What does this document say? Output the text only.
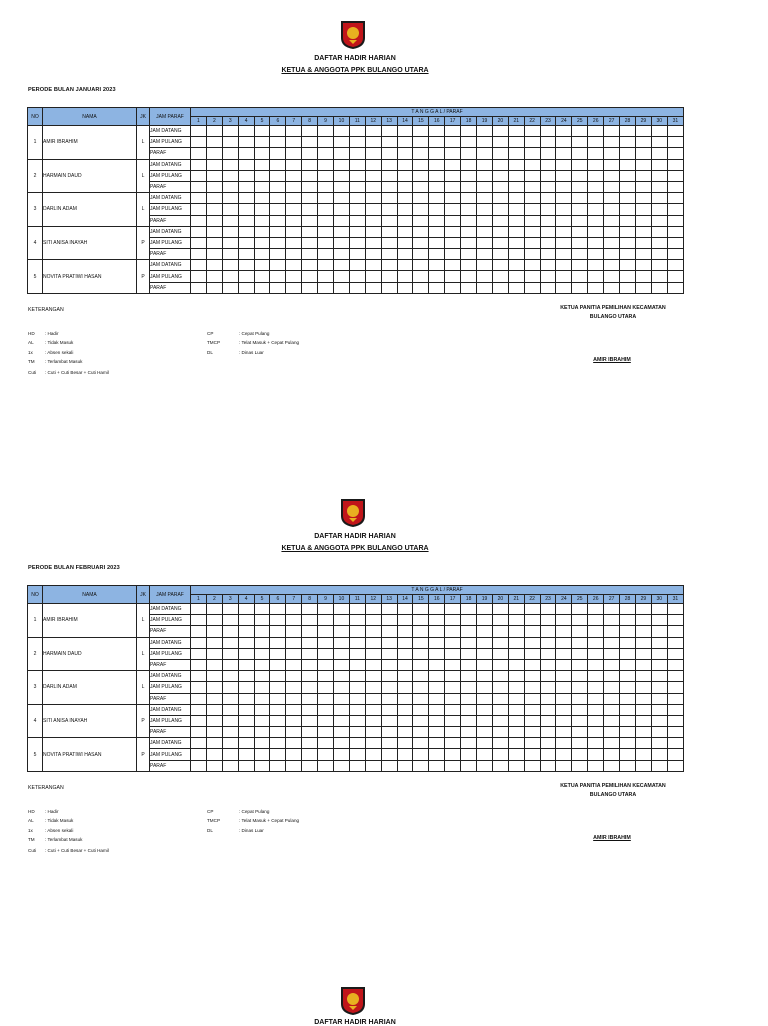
DAFTAR HADIR HARIAN
KETUA & ANGGOTA PPK BULANGO UTARA
PERODE BULAN JANUARI 2023
NO	NAMA	JK	JAM PARAF	T A N G G A L / PARAF																														
				1	2	3	4	5	6	7	8	9	10	11	12	13	14	15	16	17	18	19	20	21	22	23	24	25	26	27	28	29	30	31
1	AMIR IBRAHIM	L	JAM DATANG																															
			JAM PULANG																															
			PARAF																															
2	HARMAIN DAUD	L	JAM DATANG																															
			JAM PULANG																															
			PARAF																															
3	DARLIN ADAM	L	JAM DATANG																															
			JAM PULANG																															
			PARAF																															
4	SITI ANISA INAYAH	P	JAM DATANG																															
			JAM PULANG																															
			PARAF																															
5	NOVITA PRATIWI HASAN	P	JAM DATANG																															
			JAM PULANG																															
			PARAF																															
KETERANGAN
HD : Hadir
AL : Tidak Masuk
1x	: Absen sekali
TM : Terlambat Masuk
CP	: Cepat Pulang
TMCP	: Telat Masuk + Cepat Pulang
DL	: Dinas Luar
Cuti : Cuti + Cuti Besar + Cuti Hamil
KETUA PANITIA PEMILIHAN KECAMATAN
BULANGO UTARA
AMIR IBRAHIM
DAFTAR HADIR HARIAN
KETUA & ANGGOTA PPK BULANGO UTARA
PERODE BULAN FEBRUARI 2023
NO	NAMA	JK	JAM PARAF	T A N G G A L / PARAF																														
				1	2	3	4	5	6	7	8	9	10	11	12	13	14	15	16	17	18	19	20	21	22	23	24	25	26	27	28	29	30	31
1	AMIR IBRAHIM	L	JAM DATANG																															
			JAM PULANG																															
			PARAF																															
2	HARMAIN DAUD	L	JAM DATANG																															
			JAM PULANG																															
			PARAF																															
3	DARLIN ADAM	L	JAM DATANG																															
			JAM PULANG																															
			PARAF																															
4	SITI ANISA INAYAH	P	JAM DATANG																															
			JAM PULANG																															
			PARAF																															
5	NOVITA PRATIWI HASAN	P	JAM DATANG																															
			JAM PULANG																															
			PARAF																															
KETERANGAN
HD : Hadir
AL : Tidak Masuk
1x	: Absen sekali
TM : Terlambat Masuk
CP	: Cepat Pulang
TMCP	: Telat Masuk + Cepat Pulang
DL	: Dinas Luar
Cuti : Cuti + Cuti Besar + Cuti Hamil
KETUA PANITIA PEMILIHAN KECAMATAN
BULANGO UTARA
AMIR IBRAHIM
DAFTAR HADIR HARIAN
